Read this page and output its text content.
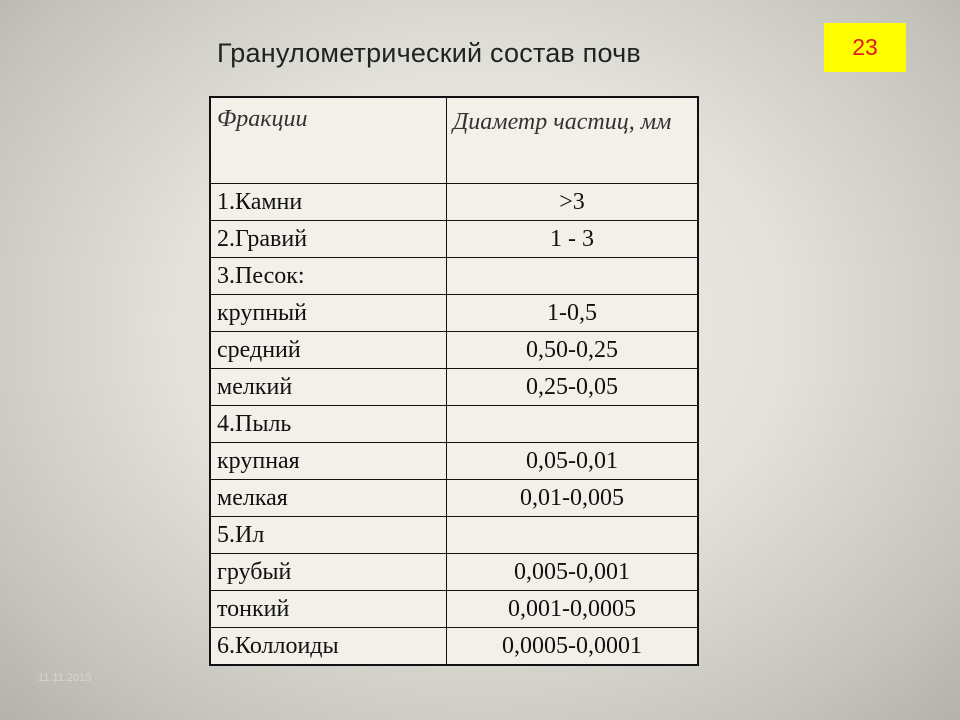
Гранулометрический состав почв	23
Фракции	Диаметр частиц, мм
1.Камни	>3
2.Гравий	1 - 3
3.Песок:	
крупный	1-0,5
средний	0,50-0,25
мелкий	0,25-0,05
4.Пыль	
крупная	0,05-0,01
мелкая	0,01-0,005
5.Ил	
грубый	0,005-0,001
тонкий	0,001-0,0005
6.Коллоиды	0,0005-0,0001
11.11.2015
